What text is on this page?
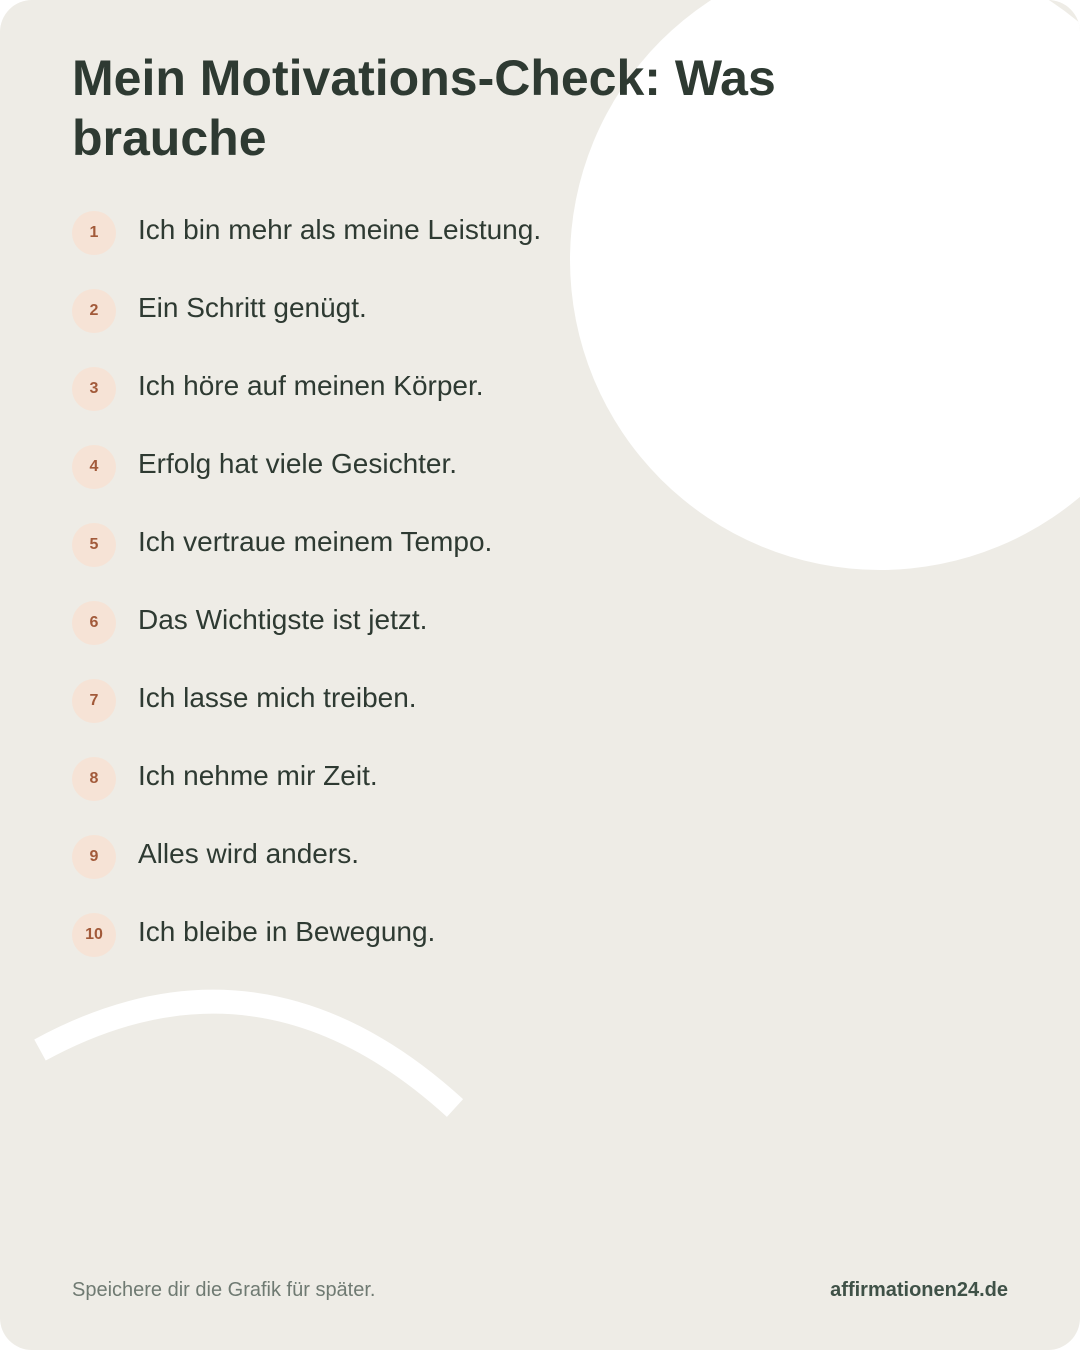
Mein Motivations-Check: Was brauche
1	Ich bin mehr als meine Leistung.
2	Ein Schritt genügt.
3	Ich höre auf meinen Körper.
4	Erfolg hat viele Gesichter.
5	Ich vertraue meinem Tempo.
6	Das Wichtigste ist jetzt.
7	Ich lasse mich treiben.
8	Ich nehme mir Zeit.
9	Alles wird anders.
10	Ich bleibe in Bewegung.
Speichere dir die Grafik für später.	affirmationen24.de
